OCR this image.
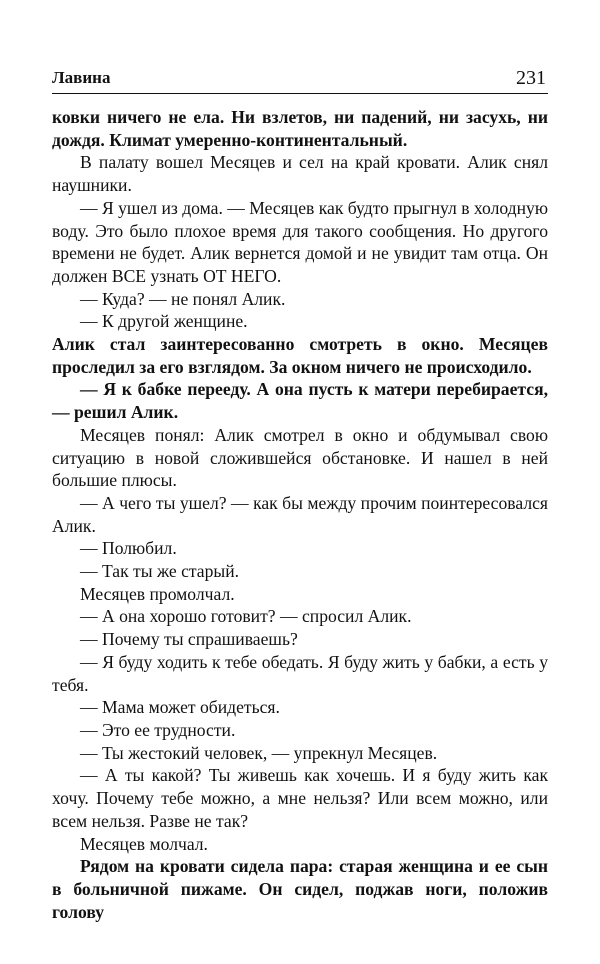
Лавина	231

ковки ничего не ела. Ни взлетов, ни падений, ни засухь, ни дождя. Климат умеренно-континентальный.

В палату вошел Месяцев и сел на край кровати. Алик снял наушники.

— Я ушел из дома. — Месяцев как будто прыгнул в холодную воду. Это было плохое время для такого сообщения. Но другого времени не будет. Алик вернется домой и не увидит там отца. Он должен ВСЕ узнать ОТ НЕГО.

— Куда? — не понял Алик.

— К другой женщине.

Алик стал заинтересованно смотреть в окно. Месяцев проследил за его взглядом. За окном ничего не происходило.

— Я к бабке перееду. А она пусть к матери перебирается, — решил Алик.

Месяцев понял: Алик смотрел в окно и обдумывал свою ситуацию в новой сложившейся обстановке. И нашел в ней большие плюсы.

— А чего ты ушел? — как бы между прочим поинтересовался Алик.

— Полюбил.

— Так ты же старый.

Месяцев промолчал.

— А она хорошо готовит? — спросил Алик.

— Почему ты спрашиваешь?

— Я буду ходить к тебе обедать. Я буду жить у бабки, а есть у тебя.

— Мама может обидеться.

— Это ее трудности.

— Ты жестокий человек, — упрекнул Месяцев.

— А ты какой? Ты живешь как хочешь. И я буду жить как хочу. Почему тебе можно, а мне нельзя? Или всем можно, или всем нельзя. Разве не так?

Месяцев молчал.

Рядом на кровати сидела пара: старая женщина и ее сын в больничной пижаме. Он сидел, поджав ноги, положив голову
